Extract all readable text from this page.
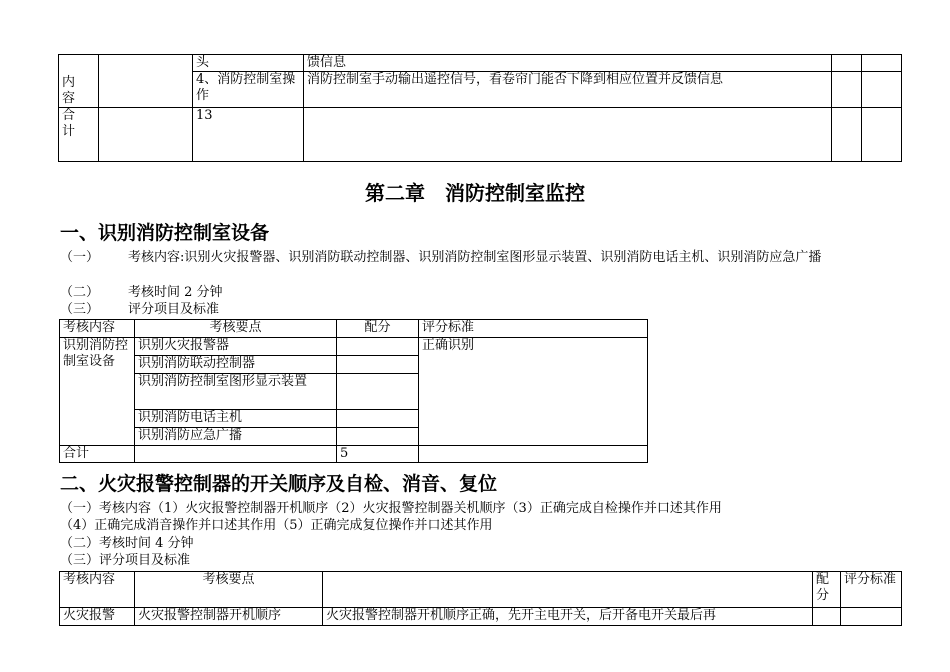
内容		头	馈信息		
		4、消防控制室操作	消防控制室手动输出遥控信号，看卷帘门能否下降到相应位置并反馈信息		

合计		13			
第二章　消防控制室监控
一、识别消防控制室设备
（一） 考核内容:识别火灾报警器、识别消防联动控制器、识别消防控制室图形显示装置、识别消防电话主机、识别消防应急广播
（二） 考核时间 2 分钟
（三） 评分项目及标准
考核内容	考核要点	配分	评分标准
识别消防控制室设备	识别火灾报警器		正确识别
	识别消防联动控制器		
	识别消防控制室图形显示装置		
	识别消防电话主机		
	识别消防应急广播		
合计		5	
二、火灾报警控制器的开关顺序及自检、消音、复位
（一）考核内容（1）火灾报警控制器开机顺序（2）火灾报警控制器关机顺序（3）正确完成自检操作并口述其作用
（4）正确完成消音操作并口述其作用（5）正确完成复位操作并口述其作用
（二）考核时间 4 分钟
（三）评分项目及标准
考核内容	考核要点		配分	评分标准
火灾报警	火灾报警控制器开机顺序	火灾报警控制器开机顺序正确，先开主电开关，后开备电开关最后再		
